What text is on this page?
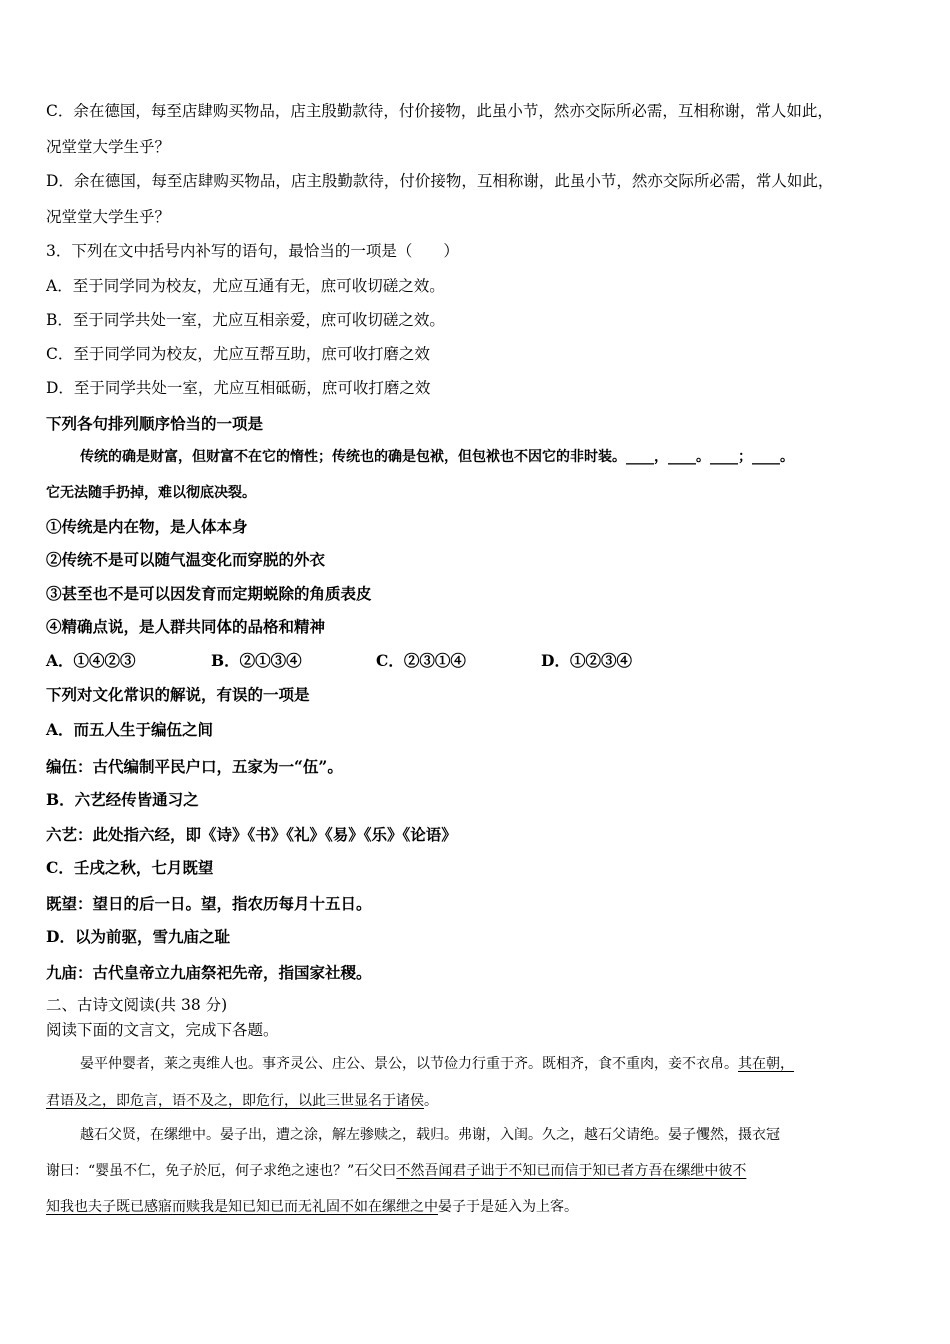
C．余在德国，每至店肆购买物品，店主殷勤款待，付价接物，此虽小节，然亦交际所必需，互相称谢，常人如此，
况堂堂大学生乎？
D．余在德国，每至店肆购买物品，店主殷勤款待，付价接物，互相称谢，此虽小节，然亦交际所必需，常人如此，
况堂堂大学生乎？
3．下列在文中括号内补写的语句，最恰当的一项是（　　）
A．至于同学同为校友，尤应互通有无，庶可收切磋之效。
B．至于同学共处一室，尤应互相亲爱，庶可收切磋之效。
C．至于同学同为校友，尤应互帮互助，庶可收打磨之效
D．至于同学共处一室，尤应互相砥砺，庶可收打磨之效
下列各句排列顺序恰当的一项是
传统的确是财富，但财富不在它的惰性；传统也的确是包袱，但包袱也不因它的非时装。____，____。____；____。
它无法随手扔掉，难以彻底决裂。
①传统是内在物，是人体本身
②传统不是可以随气温变化而穿脱的外衣
③甚至也不是可以因发育而定期蜕除的角质表皮
④精确点说，是人群共同体的品格和精神
A．①④②③	B．②①③④	C．②③①④	D．①②③④
下列对文化常识的解说，有误的一项是
A．而五人生于编伍之间
编伍：古代编制平民户口，五家为一“伍”。
B．六艺经传皆通习之
六艺：此处指六经，即《诗》《书》《礼》《易》《乐》《论语》
C．壬戌之秋，七月既望
既望：望日的后一日。望，指农历每月十五日。
D．以为前驱，雪九庙之耻
九庙：古代皇帝立九庙祭祀先帝，指国家社稷。
二、古诗文阅读(共 38 分)
阅读下面的文言文，完成下各题。
晏平仲婴者，莱之夷维人也。事齐灵公、庄公、景公，以节俭力行重于齐。既相齐，食不重肉，妾不衣帛。其在朝，
君语及之，即危言，语不及之，即危行，以此三世显名于诸侯。
越石父贤，在缧绁中。晏子出，遭之涂，解左骖赎之，载归。弗谢，入闺。久之，越石父请绝。晏子戄然，摄衣冠
谢曰：“婴虽不仁，免子於厄，何子求绝之速也？”石父曰不然吾闻君子诎于不知已而信于知已者方吾在缧绁中彼不
知我也夫子既已感寤而赎我是知已知已而无礼固不如在缧绁之中晏子于是延入为上客。
